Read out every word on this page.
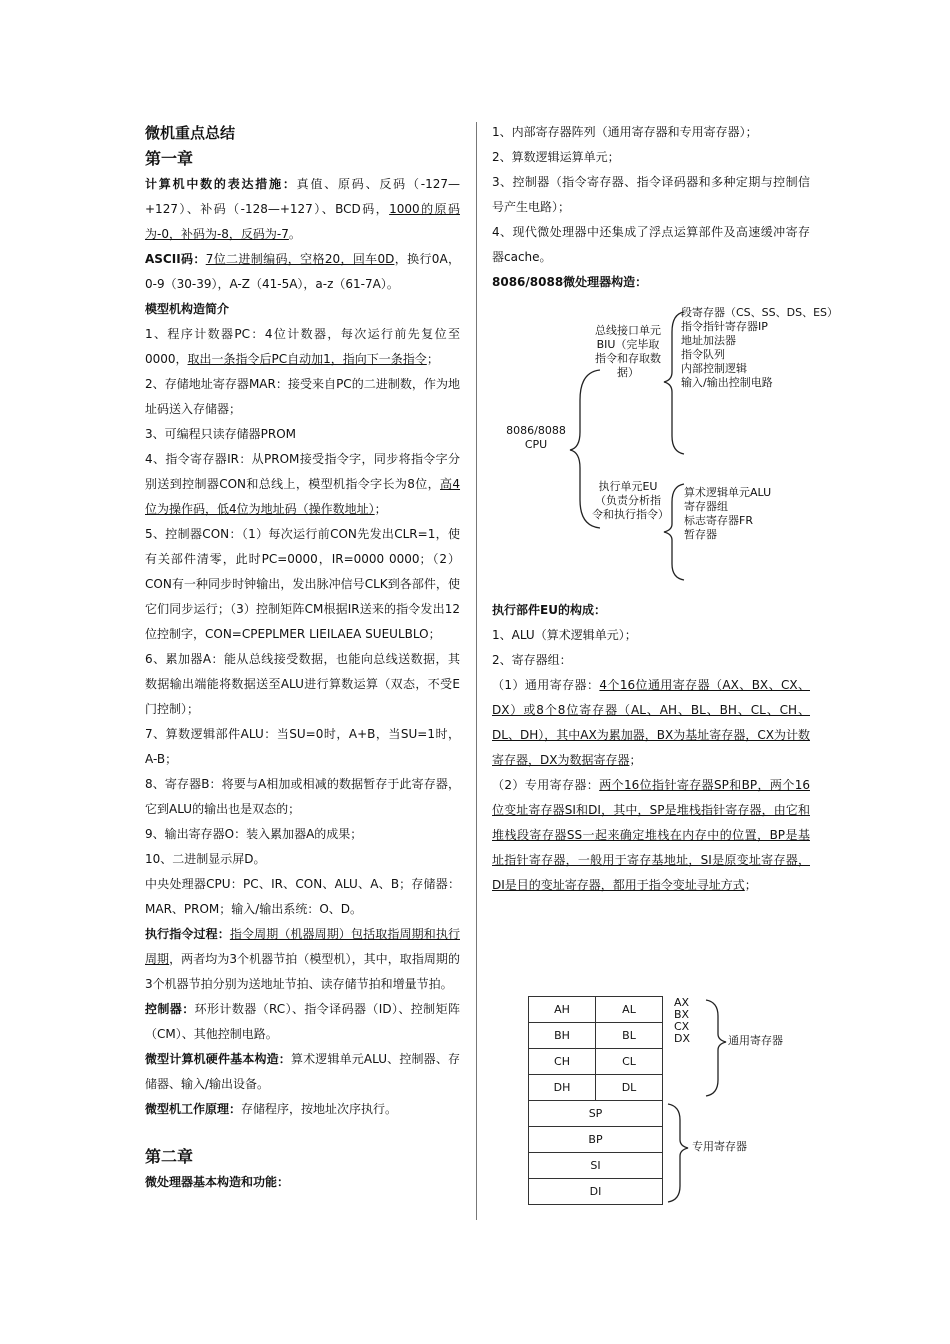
微机重点总结
第一章

计算机中数的表达措施：真值、原码、反码（-127—+127）、补码（-128—+127）、BCD码，1000的原码为-0，补码为-8，反码为-7。

ASCII码：7位二进制编码，空格20，回车0D，换行0A，0-9（30-39），A-Z（41-5A），a-z（61-7A）。

模型机构造简介

1、程序计数器PC：4位计数器，每次运行前先复位至0000，取出一条指令后PC自动加1，指向下一条指令；

2、存储地址寄存器MAR：接受来自PC的二进制数，作为地址码送入存储器；

3、可编程只读存储器PROM

4、指令寄存器IR：从PROM接受指令字，同步将指令字分别送到控制器CON和总线上，模型机指令字长为8位，高4位为操作码，低4位为地址码（操作数地址）；

5、控制器CON：（1）每次运行前CON先发出CLR=1，使有关部件清零，此时PC=0000，IR=0000 0000；（2）CON有一种同步时钟输出，发出脉冲信号CLK到各部件，使它们同步运行；（3）控制矩阵CM根据IR送来的指令发出12位控制字，CON=CPEPLMER LIEILAEA SUEULBLO；

6、累加器A：能从总线接受数据，也能向总线送数据，其数据输出端能将数据送至ALU进行算数运算（双态，不受E门控制）；

7、算数逻辑部件ALU：当SU=0时，A+B，当SU=1时，A-B；

8、寄存器B：将要与A相加或相减的数据暂存于此寄存器，它到ALU的输出也是双态的；

9、输出寄存器O：装入累加器A的成果；

10、二进制显示屏D。

中央处理器CPU：PC、IR、CON、ALU、A、B；存储器：MAR、PROM；输入/输出系统：O、D。

执行指令过程：指令周期（机器周期）包括取指周期和执行周期，两者均为3个机器节拍（模型机），其中，取指周期的3个机器节拍分别为送地址节拍、读存储节拍和增量节拍。

控制器：环形计数器（RC）、指令译码器（ID）、控制矩阵（CM）、其他控制电路。

微型计算机硬件基本构造：算术逻辑单元ALU、控制器、存储器、输入/输出设备。

微型机工作原理：存储程序，按地址次序执行。

第二章

微处理器基本构造和功能：

1、内部寄存器阵列（通用寄存器和专用寄存器）；

2、算数逻辑运算单元；

3、控制器（指令寄存器、指令译码器和多种定期与控制信号产生电路）；

4、现代微处理器中还集成了浮点运算部件及高速缓冲寄存器cache。

8086/8088微处理器构造：

执行部件EU的构成：

1、ALU（算术逻辑单元）；

2、寄存器组：

（1）通用寄存器：4个16位通用寄存器（AX、BX、CX、DX）或8个8位寄存器（AL、AH、BL、BH、CL、CH、DL、DH），其中AX为累加器，BX为基址寄存器，CX为计数寄存器，DX为数据寄存器；

（2）专用寄存器：两个16位指针寄存器SP和BP，两个16位变址寄存器SI和DI，其中，SP是堆栈指针寄存器，由它和堆栈段寄存器SS一起来确定堆栈在内存中的位置，BP是基址指针寄存器，一般用于寄存基地址，SI是原变址寄存器，DI是目的变址寄存器，都用于指令变址寻址方式；

8086/8088 CPU
总线接口单元BIU（完毕取指令和存取数据）
执行单元EU（负责分析指令和执行指令）
段寄存器（CS、SS、DS、ES）
指令指针寄存器IP
地址加法器
指令队列
内部控制逻辑
输入/输出控制电路
算术逻辑单元ALU
寄存器组
标志寄存器FR
暂存器
AH	AL
BH	BL
CH	CL
DH	DL
SP	
BP	
SI	
DI	
AX
BX
CX
DX	通用寄存器
专用寄存器
